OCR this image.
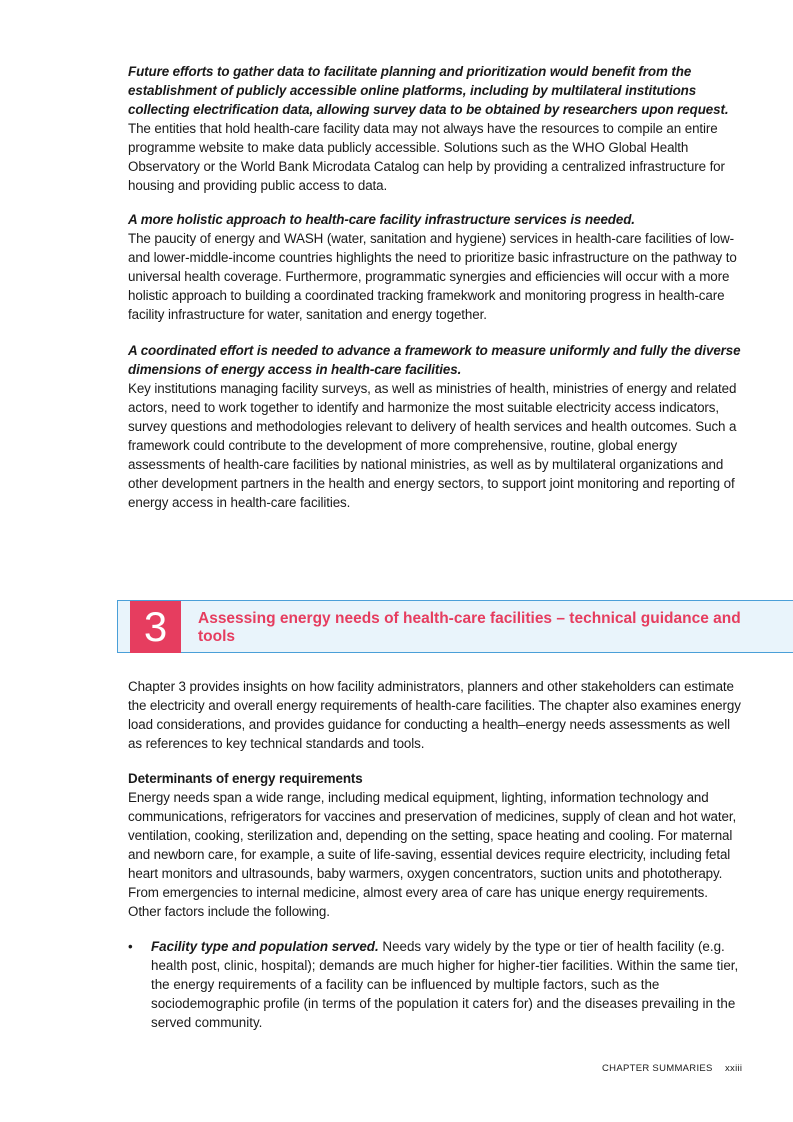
Future efforts to gather data to facilitate planning and prioritization would benefit from the establishment of publicly accessible online platforms, including by multilateral institutions collecting electrification data, allowing survey data to be obtained by researchers upon request.

The entities that hold health-care facility data may not always have the resources to compile an entire programme website to make data publicly accessible. Solutions such as the WHO Global Health Observatory or the World Bank Microdata Catalog can help by providing a centralized infrastructure for housing and providing public access to data.

A more holistic approach to health-care facility infrastructure services is needed.

The paucity of energy and WASH (water, sanitation and hygiene) services in health-care facilities of low- and lower-middle-income countries highlights the need to prioritize basic infrastructure on the pathway to universal health coverage. Furthermore, programmatic synergies and efficiencies will occur with a more holistic approach to building a coordinated tracking framekwork and monitoring progress in health-care facility infrastructure for water, sanitation and energy together.

A coordinated effort is needed to advance a framework to measure uniformly and fully the diverse dimensions of energy access in health-care facilities.

Key institutions managing facility surveys, as well as ministries of health, ministries of energy and related actors, need to work together to identify and harmonize the most suitable electricity access indicators, survey questions and methodologies relevant to delivery of health services and health outcomes. Such a framework could contribute to the development of more comprehensive, routine, global energy assessments of health-care facilities by national ministries, as well as by multilateral organizations and other development partners in the health and energy sectors, to support joint monitoring and reporting of energy access in health-care facilities.

3	Assessing energy needs of health-care facilities – technical guidance and tools

Chapter 3 provides insights on how facility administrators, planners and other stakeholders can estimate the electricity and overall energy requirements of health-care facilities. The chapter also examines energy load considerations, and provides guidance for conducting a health–energy needs assessments as well as references to key technical standards and tools.

Determinants of energy requirements

Energy needs span a wide range, including medical equipment, lighting, information technology and communications, refrigerators for vaccines and preservation of medicines, supply of clean and hot water, ventilation, cooking, sterilization and, depending on the setting, space heating and cooling. For maternal and newborn care, for example, a suite of life-saving, essential devices require electricity, including fetal heart monitors and ultrasounds, baby warmers, oxygen concentrators, suction units and phototherapy. From emergencies to internal medicine, almost every area of care has unique energy requirements. Other factors include the following.

• Facility type and population served. Needs vary widely by the type or tier of health facility (e.g. health post, clinic, hospital); demands are much higher for higher-tier facilities. Within the same tier, the energy requirements of a facility can be influenced by multiple factors, such as the sociodemographic profile (in terms of the population it caters for) and the diseases prevailing in the served community.
CHAPTER SUMMARIES xxiii
